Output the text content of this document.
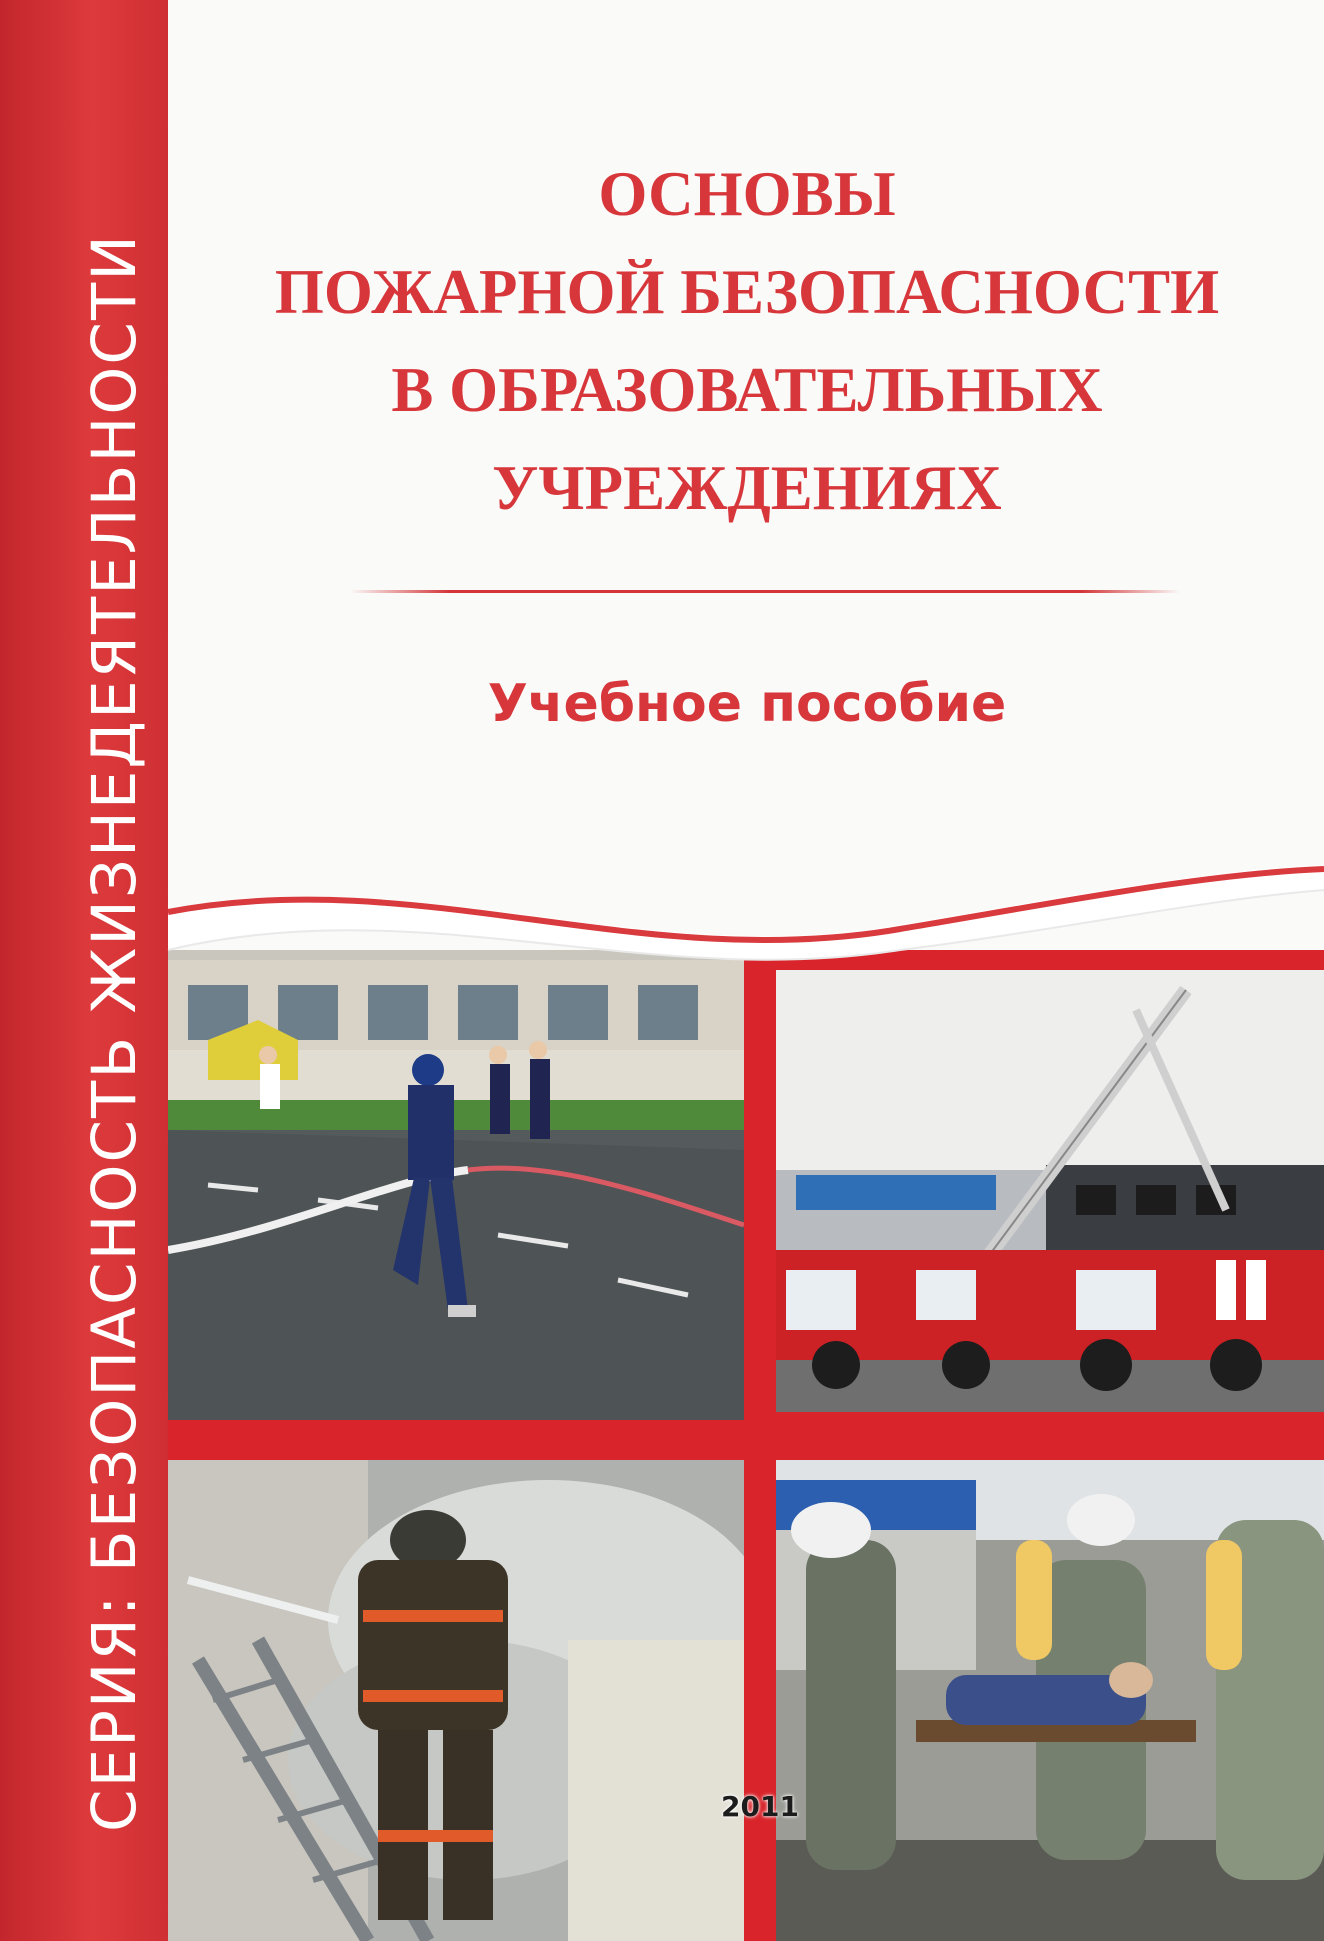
СЕРИЯ: БЕЗОПАСНОСТЬ ЖИЗНЕДЕЯТЕЛЬНОСТИ
ОСНОВЫ
ПОЖАРНОЙ БЕЗОПАСНОСТИ
В ОБРАЗОВАТЕЛЬНЫХ
УЧРЕЖДЕНИЯХ
Учебное пособие
2011
